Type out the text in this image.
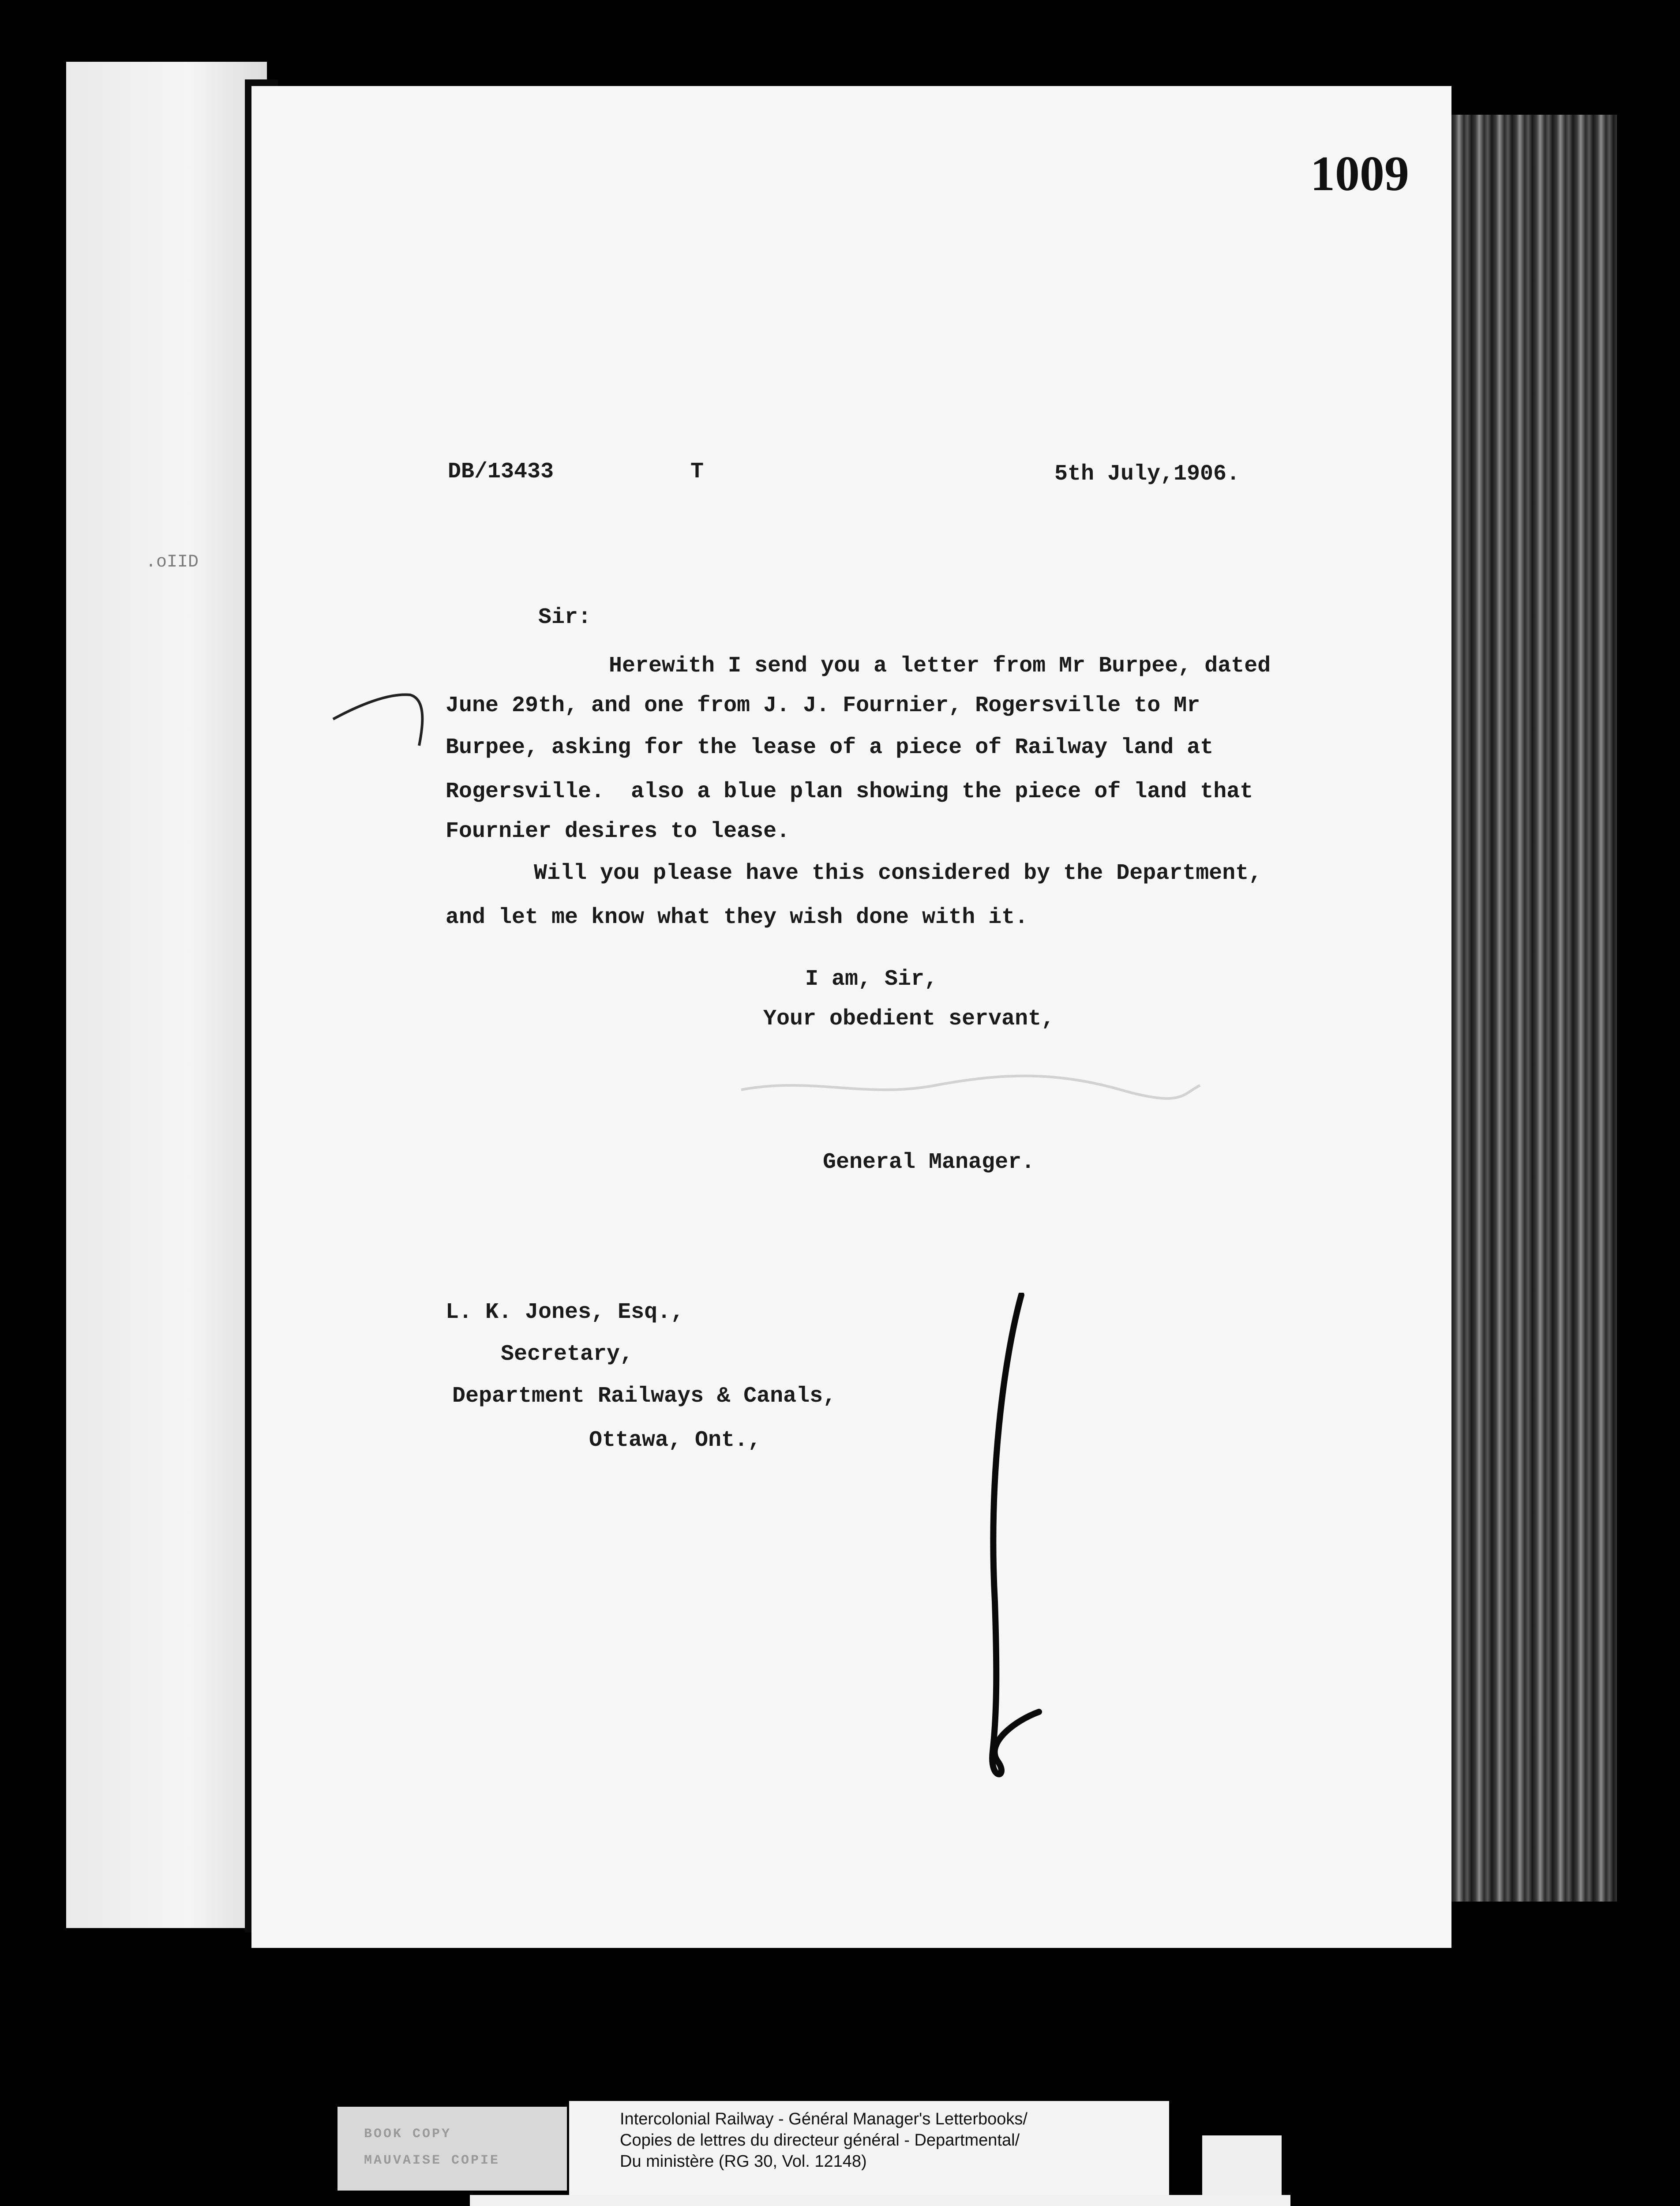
.oIID
1009
DB/13433	T	5th July,1906.
Sir:
Herewith I send you a letter from Mr Burpee, dated
June 29th, and one from J. J. Fournier, Rogersville to Mr
Burpee, asking for the lease of a piece of Railway land at
Rogersville.  also a blue plan showing the piece of land that
Fournier desires to lease.
Will you please have this considered by the Department,
and let me know what they wish done with it.
I am, Sir,
Your obedient servant,
General Manager.
L. K. Jones, Esq.,
Secretary,
Department Railways & Canals,
Ottawa, Ont.,
BOOK COPY
MAUVAISE COPIE
Intercolonial Railway - Général Manager's Letterbooks/
Copies de lettres du directeur général - Departmental/
Du ministère (RG 30, Vol. 12148)
